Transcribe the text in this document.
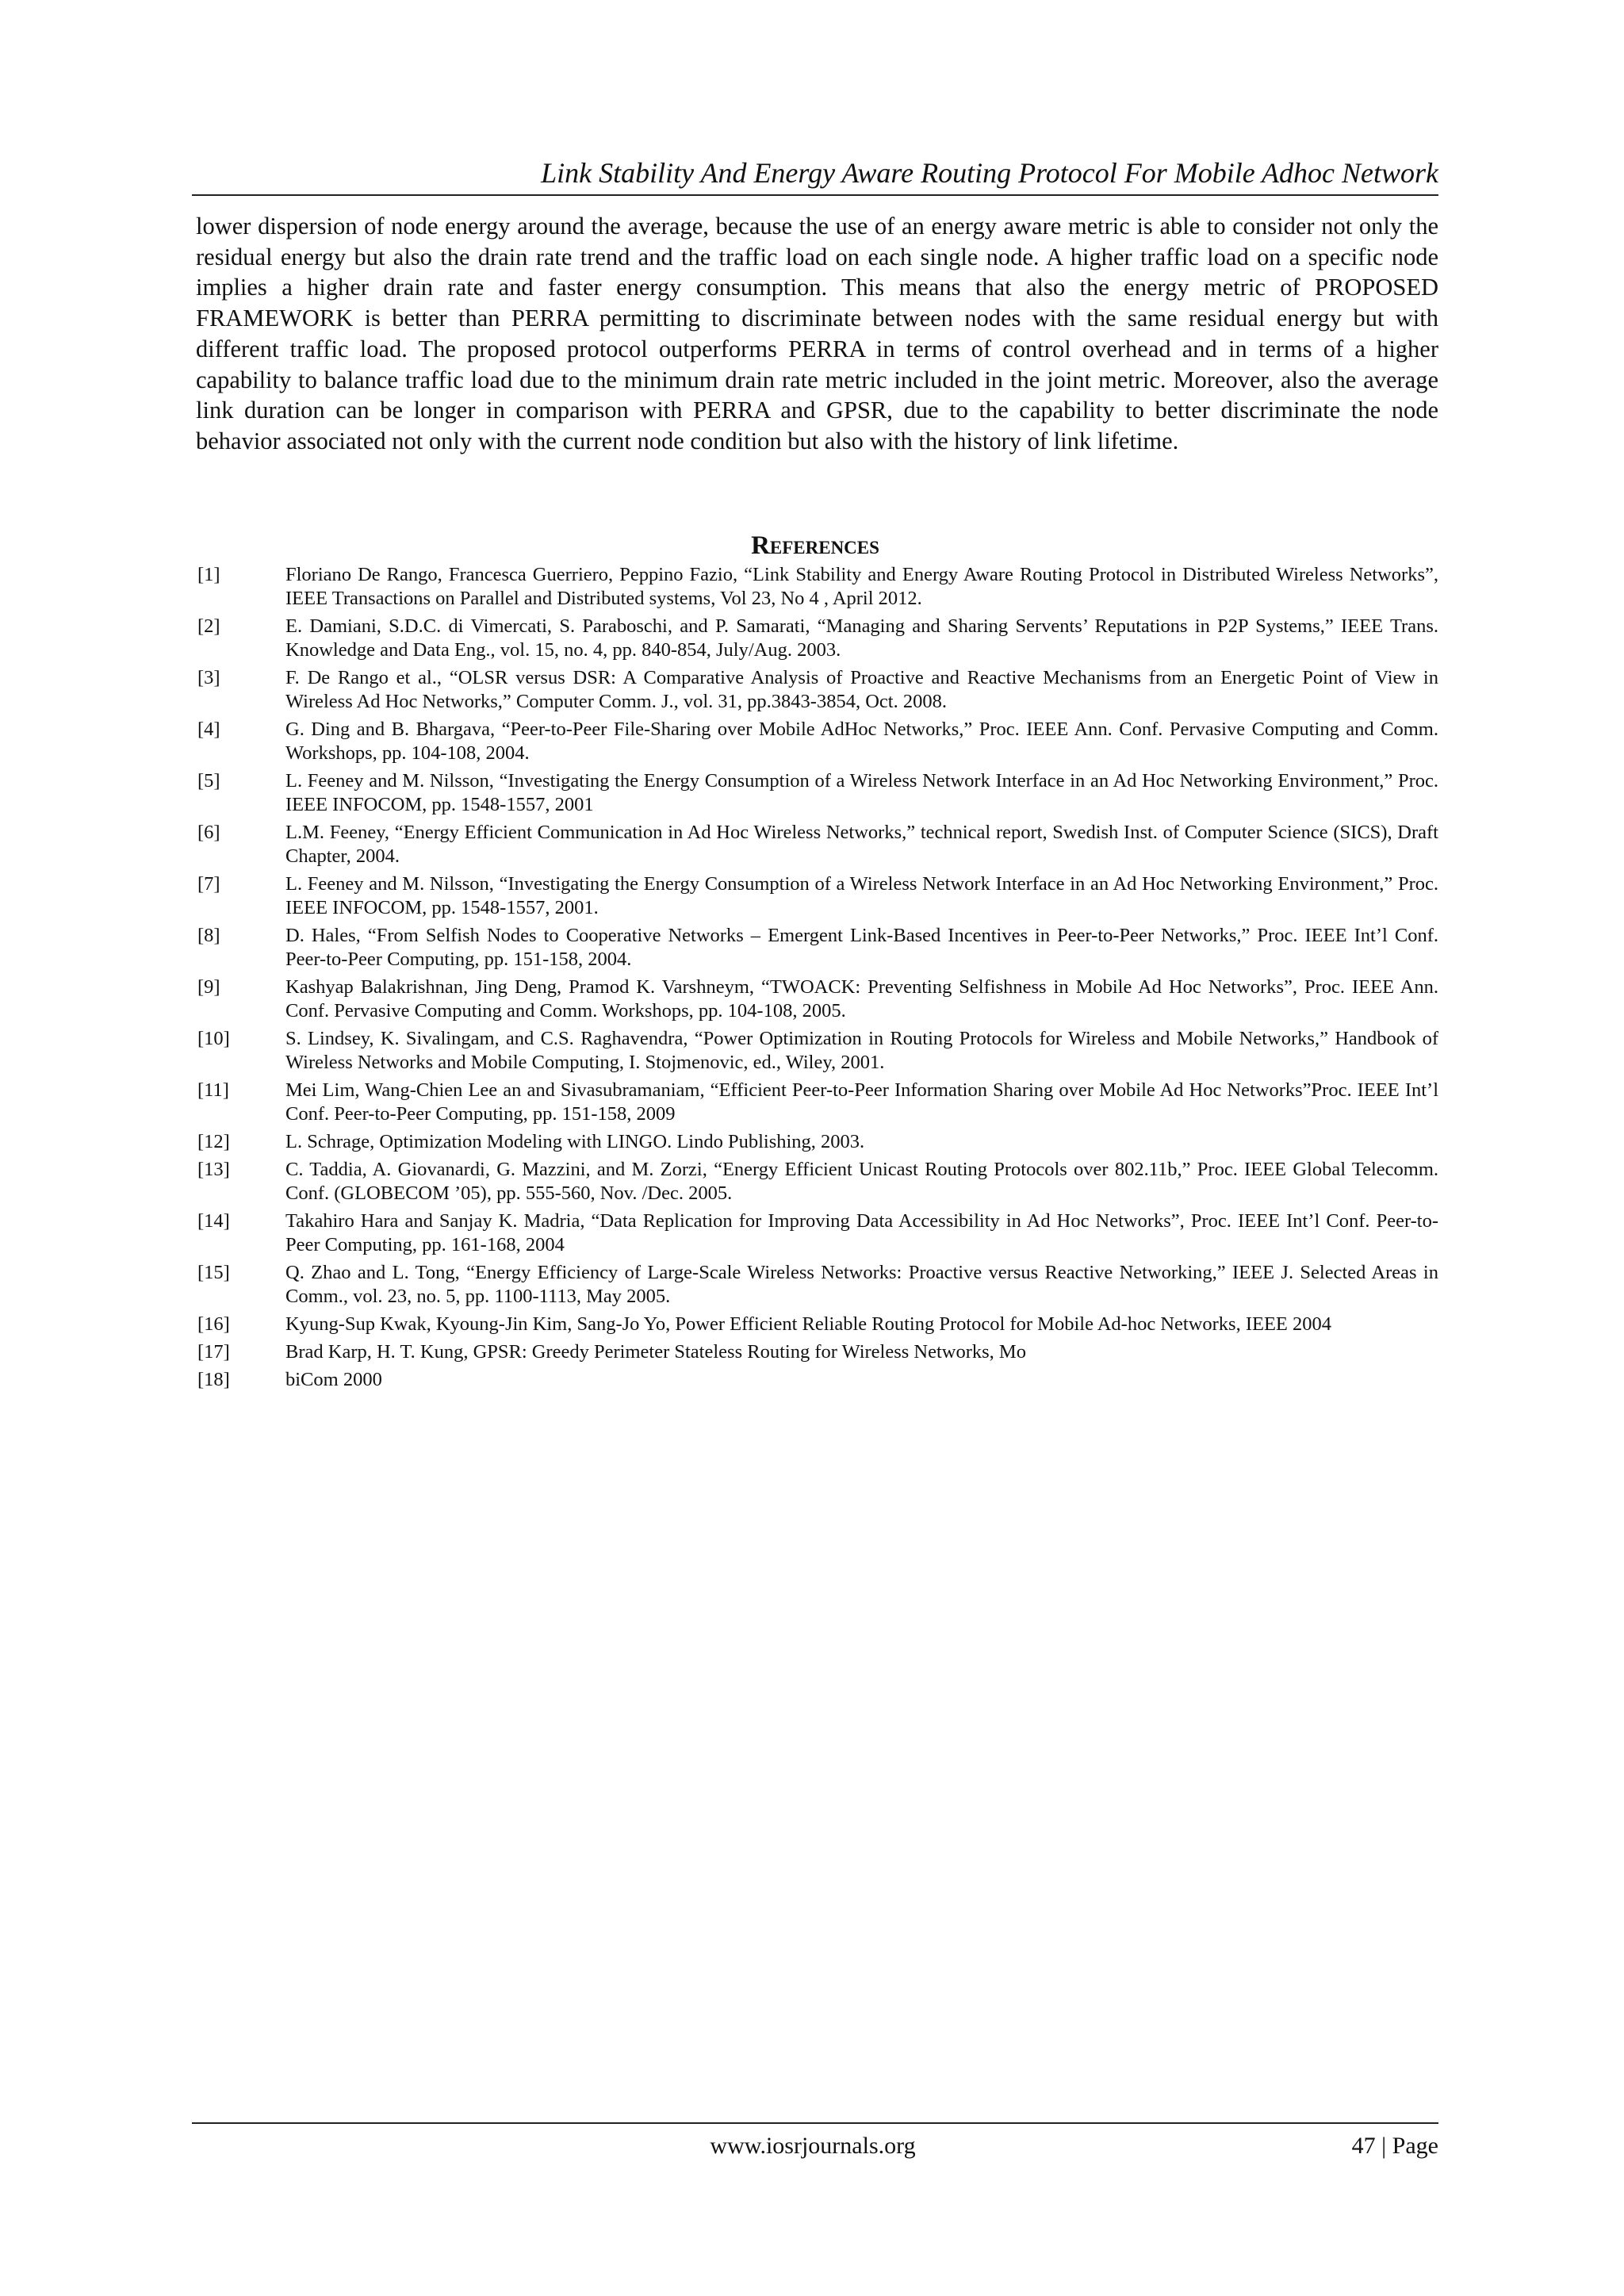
Link Stability And Energy Aware Routing Protocol For Mobile Adhoc Network

lower dispersion of node energy around the average, because the use of an energy aware metric is able to consider not only the residual energy but also the drain rate trend and the traffic load on each single node. A higher traffic load on a specific node implies a higher drain rate and faster energy consumption. This means that also the energy metric of PROPOSED FRAMEWORK is better than PERRA permitting to discriminate between nodes with the same residual energy but with different traffic load. The proposed protocol outperforms PERRA in terms of control overhead and in terms of a higher capability to balance traffic load due to the minimum drain rate metric included in the joint metric. Moreover, also the average link duration can be longer in comparison with PERRA and GPSR, due to the capability to better discriminate the node behavior associated not only with the current node condition but also with the history of link lifetime.

References
[1]	Floriano De Rango, Francesca Guerriero, Peppino Fazio, “Link Stability and Energy Aware Routing Protocol in Distributed Wireless Networks”, IEEE Transactions on Parallel and Distributed systems, Vol 23, No 4 , April 2012.
[2]	E. Damiani, S.D.C. di Vimercati, S. Paraboschi, and P. Samarati, “Managing and Sharing Servents’ Reputations in P2P Systems,” IEEE Trans. Knowledge and Data Eng., vol. 15, no. 4, pp. 840-854, July/Aug. 2003.
[3]	F. De Rango et al., “OLSR versus DSR: A Comparative Analysis of Proactive and Reactive Mechanisms from an Energetic Point of View in Wireless Ad Hoc Networks,” Computer Comm. J., vol. 31, pp.3843-3854, Oct. 2008.
[4]	G. Ding and B. Bhargava, “Peer-to-Peer File-Sharing over Mobile AdHoc Networks,” Proc. IEEE Ann. Conf. Pervasive Computing and Comm. Workshops, pp. 104-108, 2004.
[5]	L. Feeney and M. Nilsson, “Investigating the Energy Consumption of a Wireless Network Interface in an Ad Hoc Networking Environment,” Proc. IEEE INFOCOM, pp. 1548-1557, 2001
[6]	L.M. Feeney, “Energy Efficient Communication in Ad Hoc Wireless Networks,” technical report, Swedish Inst. of Computer Science (SICS), Draft Chapter, 2004.
[7]	L. Feeney and M. Nilsson, “Investigating the Energy Consumption of a Wireless Network Interface in an Ad Hoc Networking Environment,” Proc. IEEE INFOCOM, pp. 1548-1557, 2001.
[8]	D. Hales, “From Selfish Nodes to Cooperative Networks – Emergent Link-Based Incentives in Peer-to-Peer Networks,” Proc. IEEE Int’l Conf. Peer-to-Peer Computing, pp. 151-158, 2004.
[9]	Kashyap Balakrishnan, Jing Deng, Pramod K. Varshneym, “TWOACK: Preventing Selfishness in Mobile Ad Hoc Networks”, Proc. IEEE Ann. Conf. Pervasive Computing and Comm. Workshops, pp. 104-108, 2005.
[10]	S. Lindsey, K. Sivalingam, and C.S. Raghavendra, “Power Optimization in Routing Protocols for Wireless and Mobile Networks,” Handbook of Wireless Networks and Mobile Computing, I. Stojmenovic, ed., Wiley, 2001.
[11]	Mei Lim, Wang-Chien Lee an and Sivasubramaniam, “Efficient Peer-to-Peer Information Sharing over Mobile Ad Hoc Networks”Proc. IEEE Int’l Conf. Peer-to-Peer Computing, pp. 151-158, 2009
[12]	L. Schrage, Optimization Modeling with LINGO. Lindo Publishing, 2003.
[13]	C. Taddia, A. Giovanardi, G. Mazzini, and M. Zorzi, “Energy Efficient Unicast Routing Protocols over 802.11b,” Proc. IEEE Global Telecomm. Conf. (GLOBECOM ’05), pp. 555-560, Nov. /Dec. 2005.
[14]	Takahiro Hara and Sanjay K. Madria, “Data Replication for Improving Data Accessibility in Ad Hoc Networks”, Proc. IEEE Int’l Conf. Peer-to-Peer Computing, pp. 161-168, 2004
[15]	Q. Zhao and L. Tong, “Energy Efficiency of Large-Scale Wireless Networks: Proactive versus Reactive Networking,” IEEE J. Selected Areas in Comm., vol. 23, no. 5, pp. 1100-1113, May 2005.
[16]	Kyung-Sup Kwak, Kyoung-Jin Kim, Sang-Jo Yo, Power Efficient Reliable Routing Protocol for Mobile Ad-hoc Networks, IEEE 2004
[17]	Brad Karp, H. T. Kung, GPSR: Greedy Perimeter Stateless Routing for Wireless Networks, Mo
[18]	biCom 2000
www.iosrjournals.org	47 | Page
